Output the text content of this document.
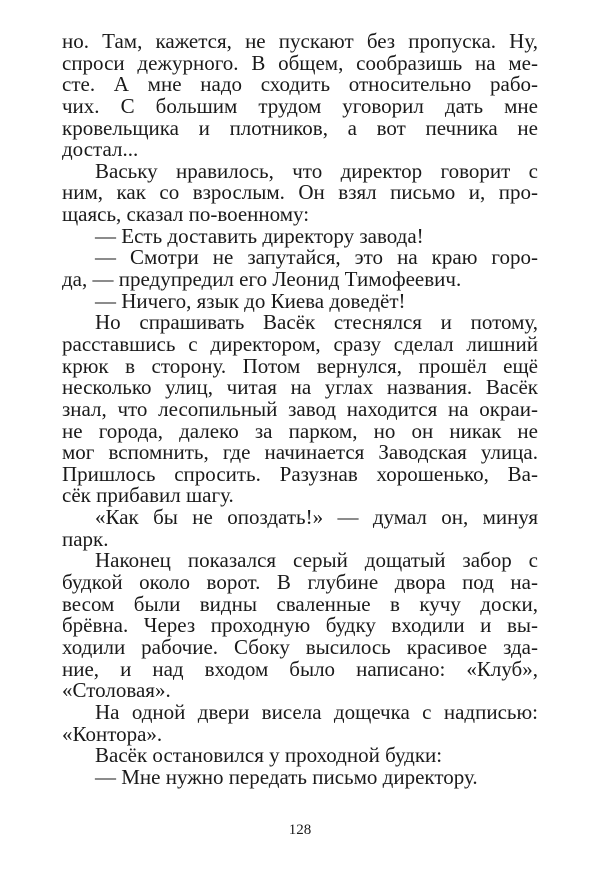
но. Там, кажется, не пускают без пропуска. Ну,
спроси дежурного. В общем, сообразишь на ме-
сте. А мне надо сходить относительно рабо-
чих. С большим трудом уговорил дать мне
кровельщика и плотников, а вот печника не
достал...
Ваську нравилось, что директор говорит с
ним, как со взрослым. Он взял письмо и, про-
щаясь, сказал по-военному:
— Есть доставить директору завода!
— Смотри не запутайся, это на краю горо-
да, — предупредил его Леонид Тимофеевич.
— Ничего, язык до Киева доведёт!
Но спрашивать Васёк стеснялся и потому,
расставшись с директором, сразу сделал лишний
крюк в сторону. Потом вернулся, прошёл ещё
несколько улиц, читая на углах названия. Васёк
знал, что лесопильный завод находится на окраи-
не города, далеко за парком, но он никак не
мог вспомнить, где начинается Заводская улица.
Пришлось спросить. Разузнав хорошенько, Ва-
сёк прибавил шагу.
«Как бы не опоздать!» — думал он, минуя
парк.
Наконец показался серый дощатый забор с
будкой около ворот. В глубине двора под на-
весом были видны сваленные в кучу доски,
брёвна. Через проходную будку входили и вы-
ходили рабочие. Сбоку высилось красивое зда-
ние, и над входом было написано: «Клуб»,
«Столовая».
На одной двери висела дощечка с надписью:
«Контора».
Васёк остановился у проходной будки:
— Мне нужно передать письмо директору.
128
